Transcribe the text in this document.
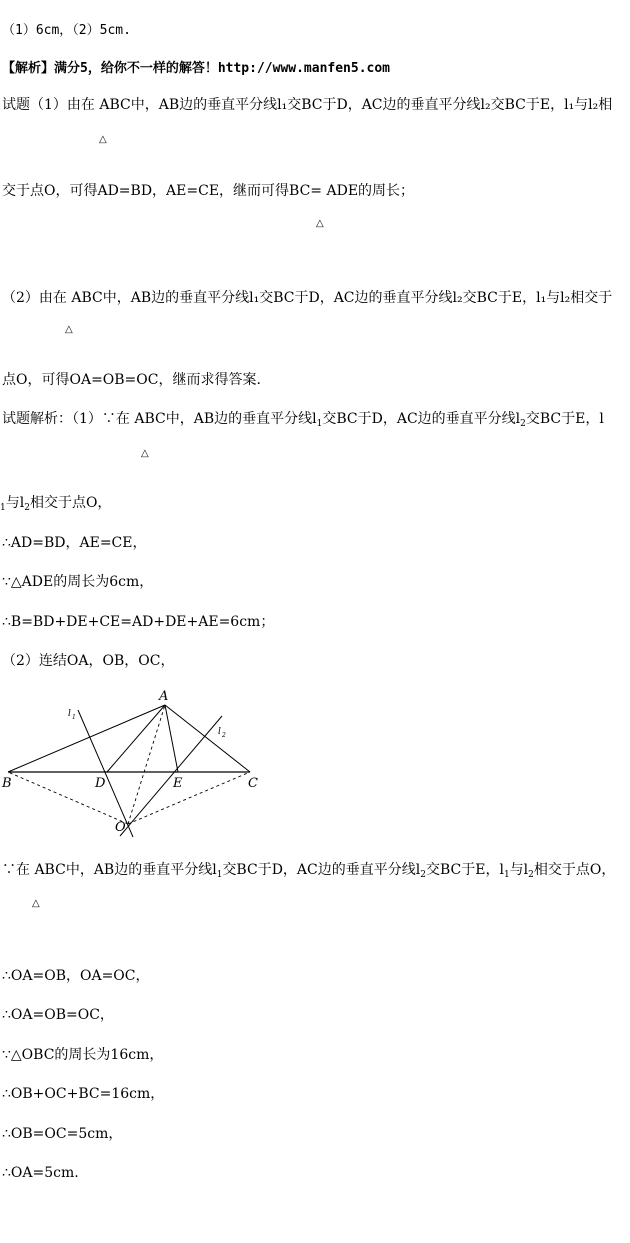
（1）6cm，（2）5cm.
【解析】满分5，给你不一样的解答！http://www.manfen5.com
试题（1）由在 ABC中，AB边的垂直平分线l₁交BC于D，AC边的垂直平分线l₂交BC于E，l₁与l₂相
△
交于点O，可得AD=BD，AE=CE，继而可得BC= ADE的周长；
△
（2）由在 ABC中，AB边的垂直平分线l₁交BC于D，AC边的垂直平分线l₂交BC于E，l₁与l₂相交于
△
点O，可得OA=OB=OC，继而求得答案.
试题解析：（1）∵在 ABC中，AB边的垂直平分线$l_1$交BC于D，AC边的垂直平分线$l_2$交BC于E，l
△
$_1$与$l_2$相交于点O，
∴AD=BD，AE=CE，
∵△ADE的周长为6cm，
∴B=BD+DE+CE=AD+DE+AE=6cm；
（2）连结OA，OB，OC，
A
B	C
D	E
O
l 1
l 2
∵在 ABC中，AB边的垂直平分线$l_1$交BC于D，AC边的垂直平分线$l_2$交BC于E，$l_1$与$l_2$相交于点O，
△
∴OA=OB，OA=OC，
∴OA=OB=OC，
∵△OBC的周长为16cm，
∴OB+OC+BC=16cm，
∴OB=OC=5cm，
∴OA=5cm.
